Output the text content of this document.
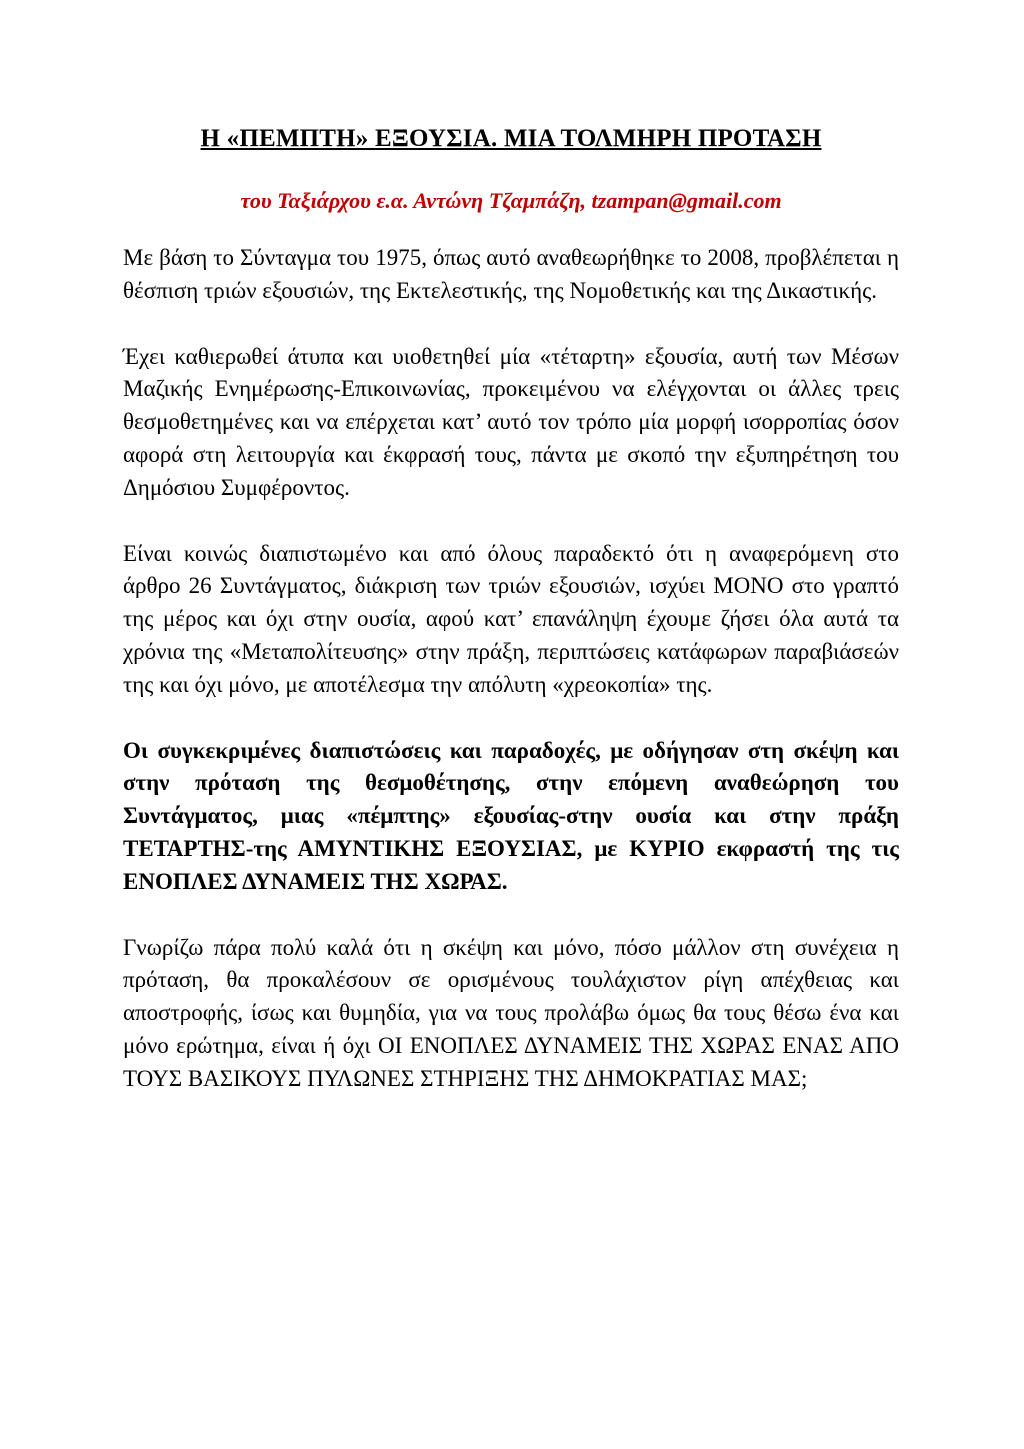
Η «ΠΕΜΠΤΗ» ΕΞΟΥΣΙΑ. ΜΙΑ ΤΟΛΜΗΡΗ ΠΡΟΤΑΣΗ

του Ταξιάρχου ε.α. Αντώνη Τζαμπάζη, tzampan@gmail.com

Με βάση το Σύνταγμα του 1975, όπως αυτό αναθεωρήθηκε το 2008, προβλέπεται η θέσπιση τριών εξουσιών, της Εκτελεστικής, της Νομοθετικής και της Δικαστικής.

Έχει καθιερωθεί άτυπα και υιοθετηθεί μία «τέταρτη» εξουσία, αυτή των Μέσων Μαζικής Ενημέρωσης-Επικοινωνίας, προκειμένου να ελέγχονται οι άλλες τρεις θεσμοθετημένες και να επέρχεται κατ’ αυτό τον τρόπο μία μορφή ισορροπίας όσον αφορά στη λειτουργία και έκφρασή τους, πάντα με σκοπό την εξυπηρέτηση του Δημόσιου Συμφέροντος.

Είναι κοινώς διαπιστωμένο και από όλους παραδεκτό ότι η αναφερόμενη στο άρθρο 26 Συντάγματος, διάκριση των τριών εξουσιών, ισχύει ΜΟΝΟ στο γραπτό της μέρος και όχι στην ουσία, αφού κατ’ επανάληψη έχουμε ζήσει όλα αυτά τα χρόνια της «Μεταπολίτευσης» στην πράξη, περιπτώσεις κατάφωρων παραβιάσεών της και όχι μόνο, με αποτέλεσμα την απόλυτη «χρεοκοπία» της.

Οι συγκεκριμένες διαπιστώσεις και παραδοχές, με οδήγησαν στη σκέψη και στην πρόταση της θεσμοθέτησης, στην επόμενη αναθεώρηση του Συντάγματος, μιας «πέμπτης» εξουσίας-στην ουσία και στην πράξη ΤΕΤΑΡΤΗΣ-της ΑΜΥΝΤΙΚΗΣ ΕΞΟΥΣΙΑΣ, με ΚΥΡΙΟ εκφραστή της τις ΕΝΟΠΛΕΣ ΔΥΝΑΜΕΙΣ ΤΗΣ ΧΩΡΑΣ.

Γνωρίζω πάρα πολύ καλά ότι η σκέψη και μόνο, πόσο μάλλον στη συνέχεια η πρόταση, θα προκαλέσουν σε ορισμένους τουλάχιστον ρίγη απέχθειας και αποστροφής, ίσως και θυμηδία, για να τους προλάβω όμως θα τους θέσω ένα και μόνο ερώτημα, είναι ή όχι ΟΙ ΕΝΟΠΛΕΣ ΔΥΝΑΜΕΙΣ ΤΗΣ ΧΩΡΑΣ ΕΝΑΣ ΑΠΟ ΤΟΥΣ ΒΑΣΙΚΟΥΣ ΠΥΛΩΝΕΣ ΣΤΗΡΙΞΗΣ ΤΗΣ ΔΗΜΟΚΡΑΤΙΑΣ ΜΑΣ;
